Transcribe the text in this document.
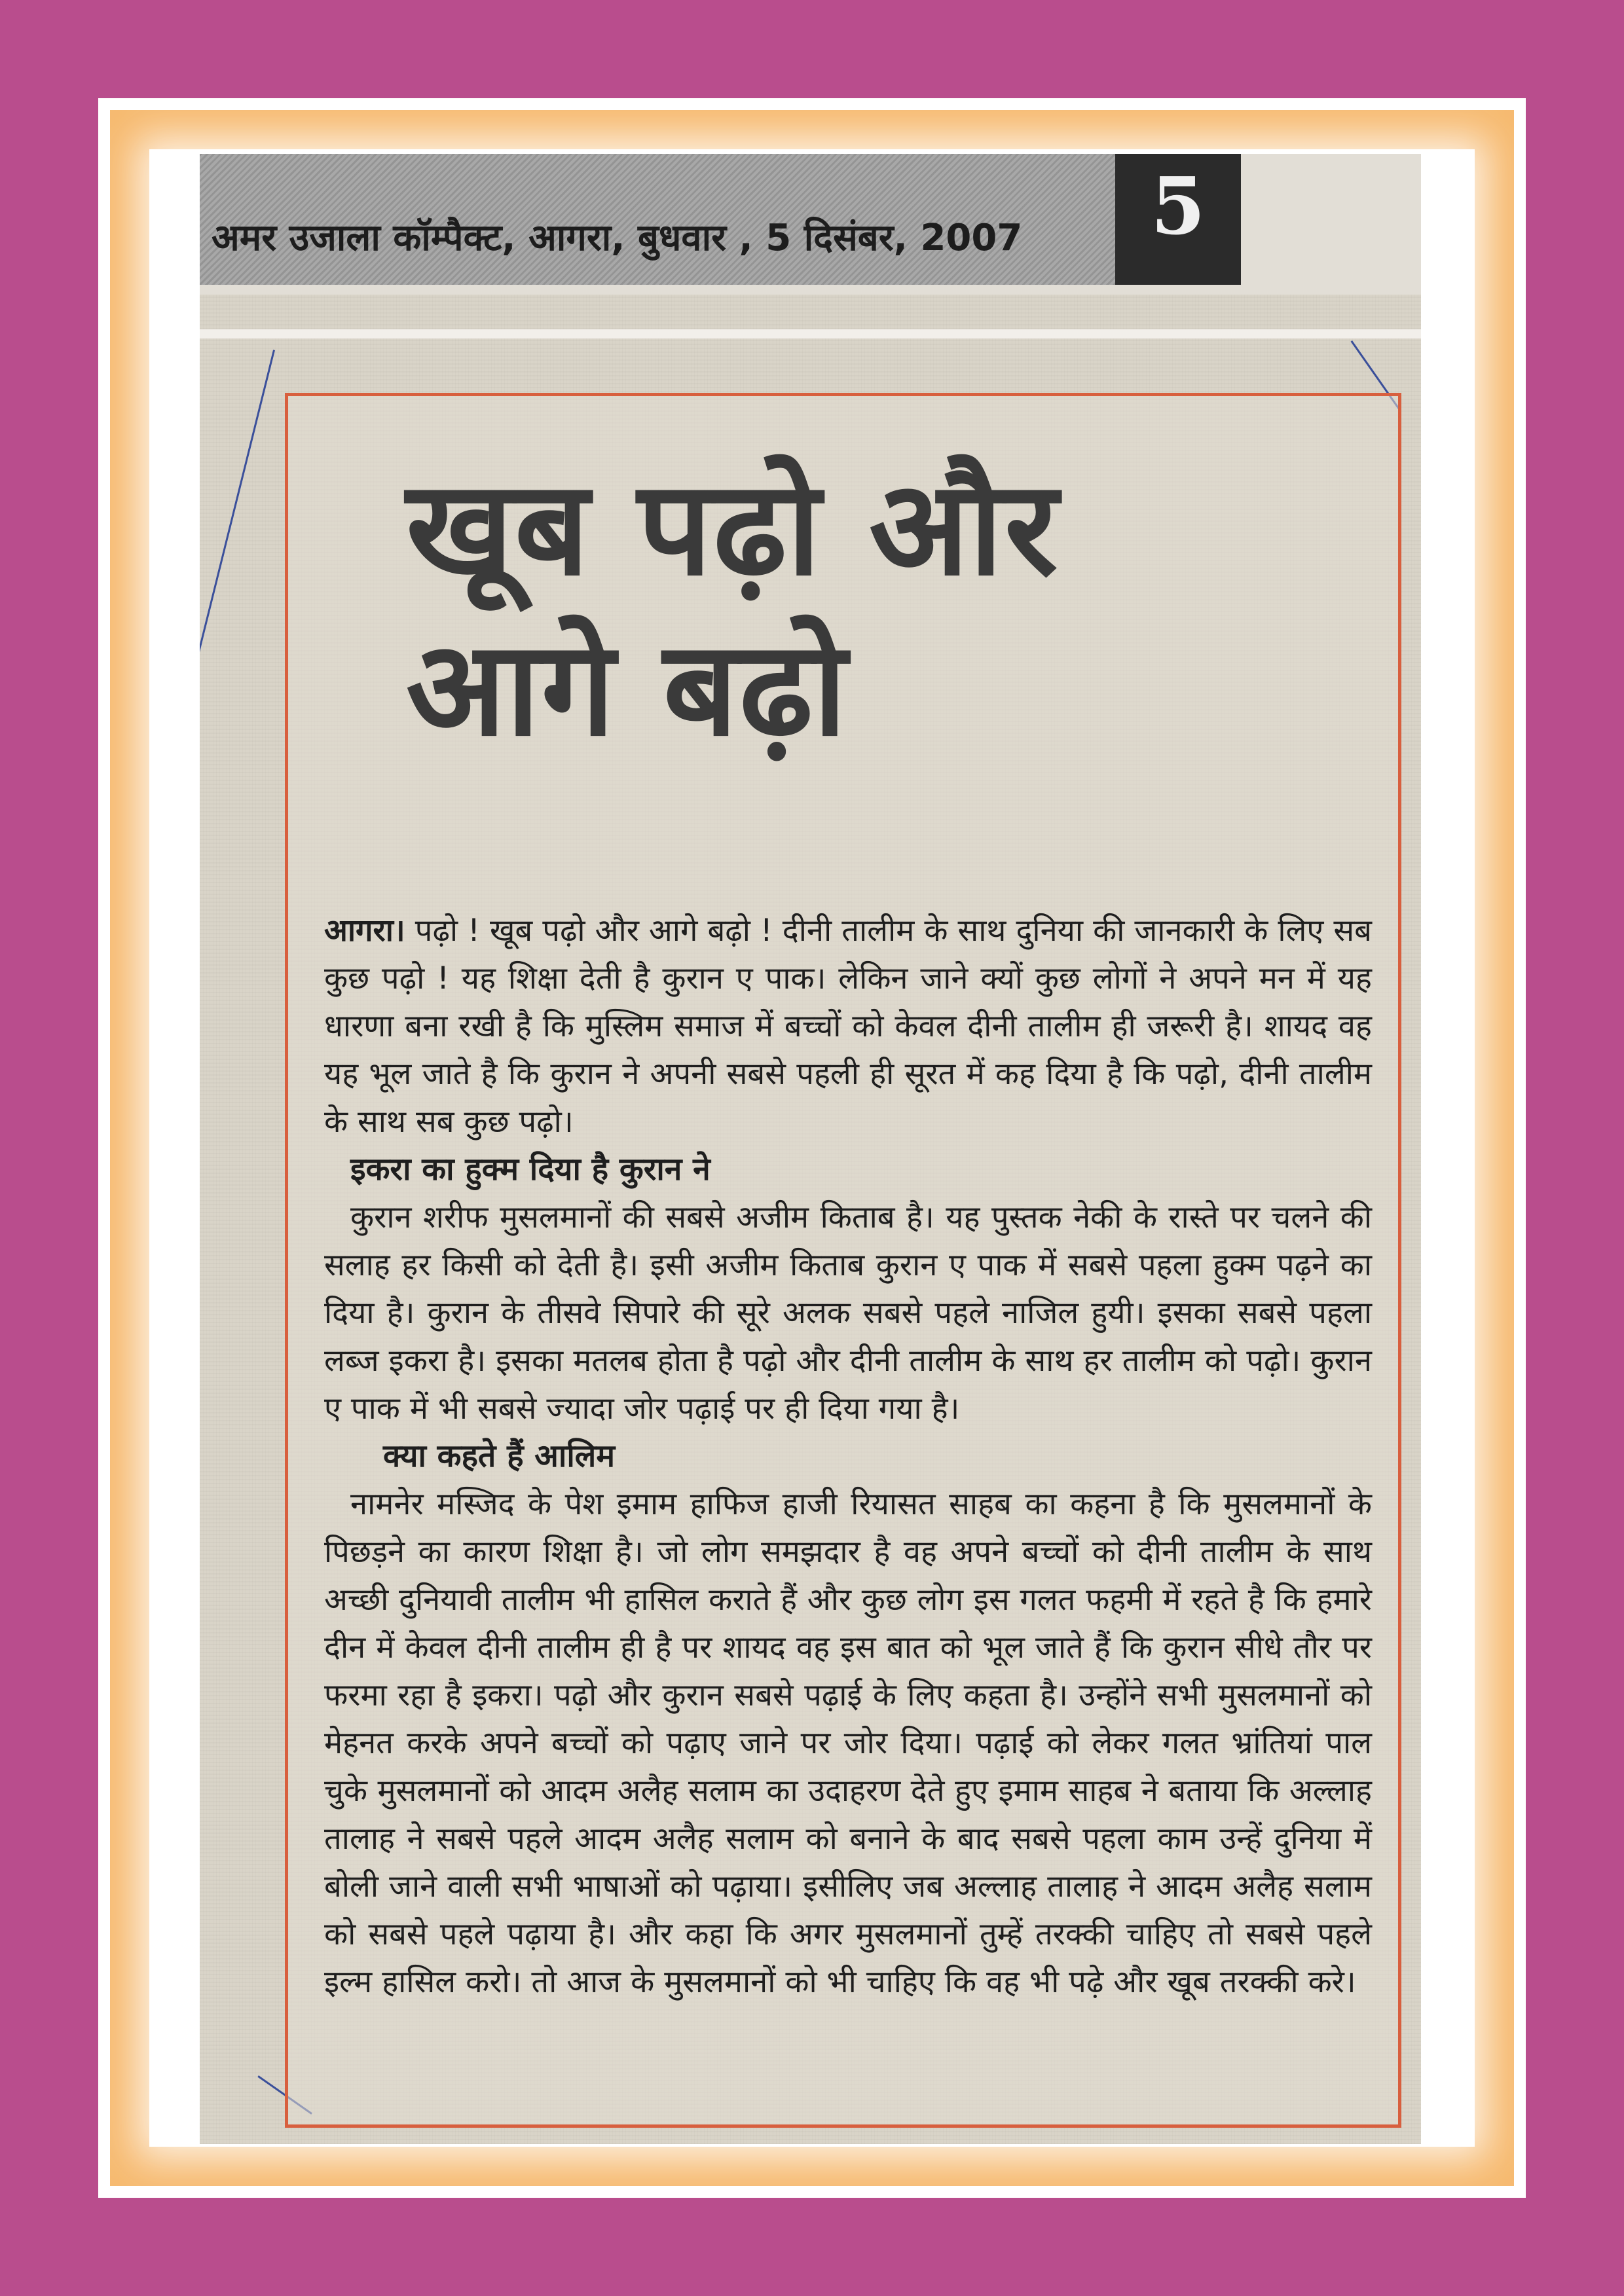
अमर उजाला कॉम्पैक्ट, आगरा, बुधवार , 5 दिसंबर, 2007	5
खूब पढ़ो और
आगे बढ़ो

आगरा। पढ़ो ! खूब पढ़ो और आगे बढ़ो ! दीनी तालीम के साथ दुनिया की जानकारी के लिए सब कुछ पढ़ो ! यह शिक्षा देती है कुरान ए पाक। लेकिन जाने क्यों कुछ लोगों ने अपने मन में यह धारणा बना रखी है कि मुस्लिम समाज में बच्चों को केवल दीनी तालीम ही जरूरी है। शायद वह यह भूल जाते है कि कुरान ने अपनी सबसे पहली ही सूरत में कह दिया है कि पढ़ो, दीनी तालीम के साथ सब कुछ पढ़ो।

इकरा का हुक्म दिया है कुरान ने

कुरान शरीफ मुसलमानों की सबसे अजीम किताब है। यह पुस्तक नेकी के रास्ते पर चलने की सलाह हर किसी को देती है। इसी अजीम किताब कुरान ए पाक में सबसे पहला हुक्म पढ़ने का दिया है। कुरान के तीसवे सिपारे की सूरे अलक सबसे पहले नाजिल हुयी। इसका सबसे पहला लब्ज इकरा है। इसका मतलब होता है पढ़ो और दीनी तालीम के साथ हर तालीम को पढ़ो। कुरान ए पाक में भी सबसे ज्यादा जोर पढ़ाई पर ही दिया गया है।

क्या कहते हैं आलिम

नामनेर मस्जिद के पेश इमाम हाफिज हाजी रियासत साहब का कहना है कि मुसलमानों के पिछड़ने का कारण शिक्षा है। जो लोग समझदार है वह अपने बच्चों को दीनी तालीम के साथ अच्छी दुनियावी तालीम भी हासिल कराते हैं और कुछ लोग इस गलत फहमी में रहते है कि हमारे दीन में केवल दीनी तालीम ही है पर शायद वह इस बात को भूल जाते हैं कि कुरान सीधे तौर पर फरमा रहा है इकरा। पढ़ो और कुरान सबसे पढ़ाई के लिए कहता है। उन्होंने सभी मुसलमानों को मेहनत करके अपने बच्चों को पढ़ाए जाने पर जोर दिया। पढ़ाई को लेकर गलत भ्रांतियां पाल चुके मुसलमानों को आदम अलैह सलाम का उदाहरण देते हुए इमाम साहब ने बताया कि अल्लाह तालाह ने सबसे पहले आदम अलैह सलाम को बनाने के बाद सबसे पहला काम उन्हें दुनिया में बोली जाने वाली सभी भाषाओं को पढ़ाया। इसीलिए जब अल्लाह तालाह ने आदम अलैह सलाम को सबसे पहले पढ़ाया है। और कहा कि अगर मुसलमानों तुम्हें तरक्की चाहिए तो सबसे पहले इल्म हासिल करो। तो आज के मुसलमानों को भी चाहिए कि वह भी पढ़े और खूब तरक्की करे।
